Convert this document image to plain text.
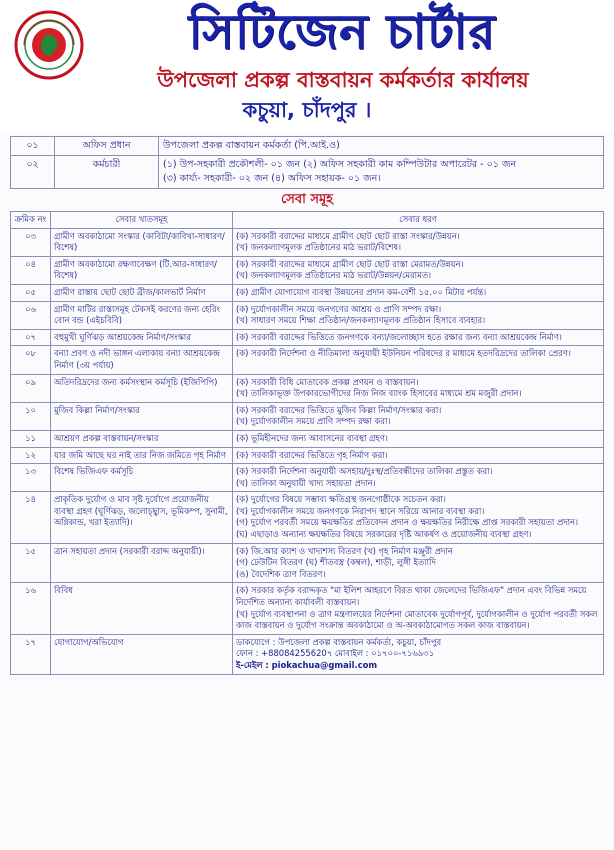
সিটিজেন চার্টার
উপজেলা প্রকল্প বাস্তবায়ন কর্মকর্তার কার্যালয়
কচুয়া, চাঁদপুর ।
০১	অফিস প্রধান	উপজেলা প্রকল্প বাস্তবায়ন কর্মকর্তা (পি.আই.ও)
০২	কর্মচারী	(১) উপ-সহকারী প্রকৌশলী- ০১ জন (২) অফিস সহকারী কাম কম্পিউটার অপারেটর - ০১ জন
(৩) কার্য্য- সহকারী- ০২ জন (৪) অফিস সহায়ক- ০১ জন।
সেবা সমূহ
ক্রমিক নং	সেবার খাতসমূহ	সেবার ধরণ
০৩	গ্রামীণ অবকাঠামো সংস্কার (কাবিটা/কাবিখা-সাধারণ/বিশেষ)	(ক) সরকারী বরাদ্দের মাধ্যমে গ্রামীণ ছোট ছোট রাস্তা সংস্কার/উন্নয়ন।
(খ) জনকল্যাণমূলক প্রতিষ্ঠানের মাঠ ভরাট/বিশেষ।

০৪	গ্রামীণ অবকাঠামো রক্ষণাবেক্ষণ (টি.আর-সাধারণ/বিশেষ)	(ক) সরকারী বরাদ্দের মাধ্যমে গ্রামীণ ছোট ছোট রাস্তা মেরামত/উন্নয়ন।
(খ) জনকল্যাণমূলক প্রতিষ্ঠানের মাঠ ভরাট/উন্নয়ন/মেরামত।

০৫	গ্রামীণ রাস্তায় ছোট ছোট ব্রীজ/কালভার্ট নির্মাণ	(ক) গ্রামীণ যোগাযোগ ব্যবস্থা উন্নয়নের প্রদান কম-বেশী ১৫.০০ মিটার পর্যন্ত।

০৬	গ্রামীণ মাটির রাস্তাসমূহ টেকসই করণের জন্য হেরিং বোন বন্ড (এইচবিবি)	(ক) দুর্যোগকালীন সময়ে জনগণের আশ্রয় ও প্রাণি সম্পদ রক্ষা।
(খ) সাধারণ সময়ে শিক্ষা প্রতিষ্ঠান/জনকল্যাণমূলক প্রতিষ্ঠান হিসাবে ব্যবহার।

০৭	বহুমুখী ঘূর্ণিঝড় আশ্রয়কেন্দ্র নির্মাণ/সংস্কার	(ক) সরকারী বরাদ্দের ভিত্তিতে জনগণকে বন্যা/জলোচ্ছাস হতে রক্ষার জন্য বন্যা আশ্রয়কেন্দ্র নির্মাণ।

০৮	বন্যা প্রবণ ও নদী ভাঙ্গন এলাকায় বন্যা আশ্রয়কেন্দ্র নির্মাণ (৩য় পর্যায়)	(ক) সরকারী নির্দেশনা ও নীতিমালা অনুযায়ী ইউনিয়ন পরিষদের র মাধ্যমে হতদরিদ্রদের তালিকা প্রেরণ।

০৯	অতিদরিদ্রদের জন্য কর্মসংস্থান কর্মসূচি (ইজিপিপি)	(ক) সরকারী বিধি মোতাবেক প্রকল্প প্রণয়ন ও বাস্তবায়ন।
(খ) তালিকাভূক্ত উপকারভোগীদের নিজ নিজ ব্যাংক হিসাবের মাধ্যমে শ্রম মজুরী প্রদান।

১০	মুজিব কিল্লা নির্মাণ/সংস্কার	(ক) সরকারী বরাদ্দের ভিত্তিতে মুজিব কিল্লা নির্মাণ/সংস্কার করা।
(খ) দুর্যোগকালীন সময়ে প্রাণি সম্পদ রক্ষা করা।

১১	আশ্রয়ণ প্রকল্প বাস্তবায়ন/সংস্কার	(ক) ভূমিহীনদের জন্য আবাসনের ব্যবস্থা গ্রহণ।

১২	যার জমি আছে ঘর নাই তার নিজ জমিতে গৃহ নির্মাণ	(ক) সরকারী বরাদ্দের ভিত্তিতে গৃহ নির্মাণ করা।

১৩	বিশেষ ভিজিএফ কর্মসূচি	(ক) সরকারী নির্দেশনা অনুযায়ী অসহায়/দুঃস্থ/প্রতিবন্ধীদের তালিকা প্রস্তুত করা।
(খ) তালিকা অনুযায়ী খাদ্য সহায়তা প্রদান।

১৪	প্রাকৃতিক দুর্যোগ ও মাব সৃষ্ট দুর্যোগে প্রয়োজনীয় ব্যবস্থা গ্রহণ (ঘূর্ণিঝড়, জলোচ্ছ্বাস, ভূমিকম্প, সুনামী, অগ্নিকান্ড, খরা ইত্যাদি)।	(ক) দুর্যোগের বিষয়ে সম্ভাব্য ক্ষতিগ্রস্থ জনগোষ্ঠীকে সচেতন করা।
(খ) দুর্যোগকালীন সময়ে জনগণকে নিরাপদ স্থানে সরিয়ে আনার ব্যবস্থা করা।
(গ) দুর্যোগ পরবর্তী সময়ে ক্ষয়ক্ষতির প্রতিবেদন প্রদান ও ক্ষয়ক্ষতির নিরীক্ষে প্রাপ্ত সরকারী সহায়তা প্রদান।
(ঘ) এছাড়াও অন্যান্য ক্ষয়ক্ষতির বিষয়ে সরকারের দৃষ্টি আকর্ষণ ও প্রয়োজনীয় ব্যবস্থা গ্রহণ।

১৫	ত্রান সহায়তা প্রদান (সরকারী বরাদ্দ অনুযায়ী)।	(ক) জি.আর ক্যাশ ও খাদ্যশস্য বিতরণ (খ) গৃহ নির্মাণ মঞ্জুরী প্রদান
(গ) ঢেউটিন বিতরণ (ঘ) শীতবস্ত্র (কম্বল), শাড়ী, লুঙ্গী ইত্যাদি
(ঙ) বৈদেশিক ত্রাণ বিতরণ।

১৬	বিবিধ	(ক) সরকার কর্তৃক বরাদ্দকৃত "মা ইলিশ আহরণে বিরত থাকা জেলেদের ভিজিএফ" প্রদান এবং বিভিন্ন সময়ে নির্দেশিত অন্যান্য কার্যাবলী বাস্তবায়ন।
(খ) দুর্যোগ ব্যবস্থাপনা ও ত্রাণ মন্ত্রণালয়ের নির্দেশনা মোতাবেক দুর্যোগপূর্ব, দুর্যোগকালীন ও দুর্যোগ পরবর্তী সকল কাজ বাস্তবায়ন ও দুর্যোগ সংক্রান্ত অবকাঠামো ও অ-অবকাঠামোগত সকল কাজ বাস্তবায়ন।

১৭	যোগাযোগ/অভিযোগ	ডাকযোগে : উপজেলা প্রকল্প বাস্তবায়ন কর্মকর্তা, কচুয়া, চাঁদপুর
ফোন : +88084255620৭ মোবাইল : ০১৭০০-৭১৬৯৩১
ই-মেইল : piokachua@gmail.com
